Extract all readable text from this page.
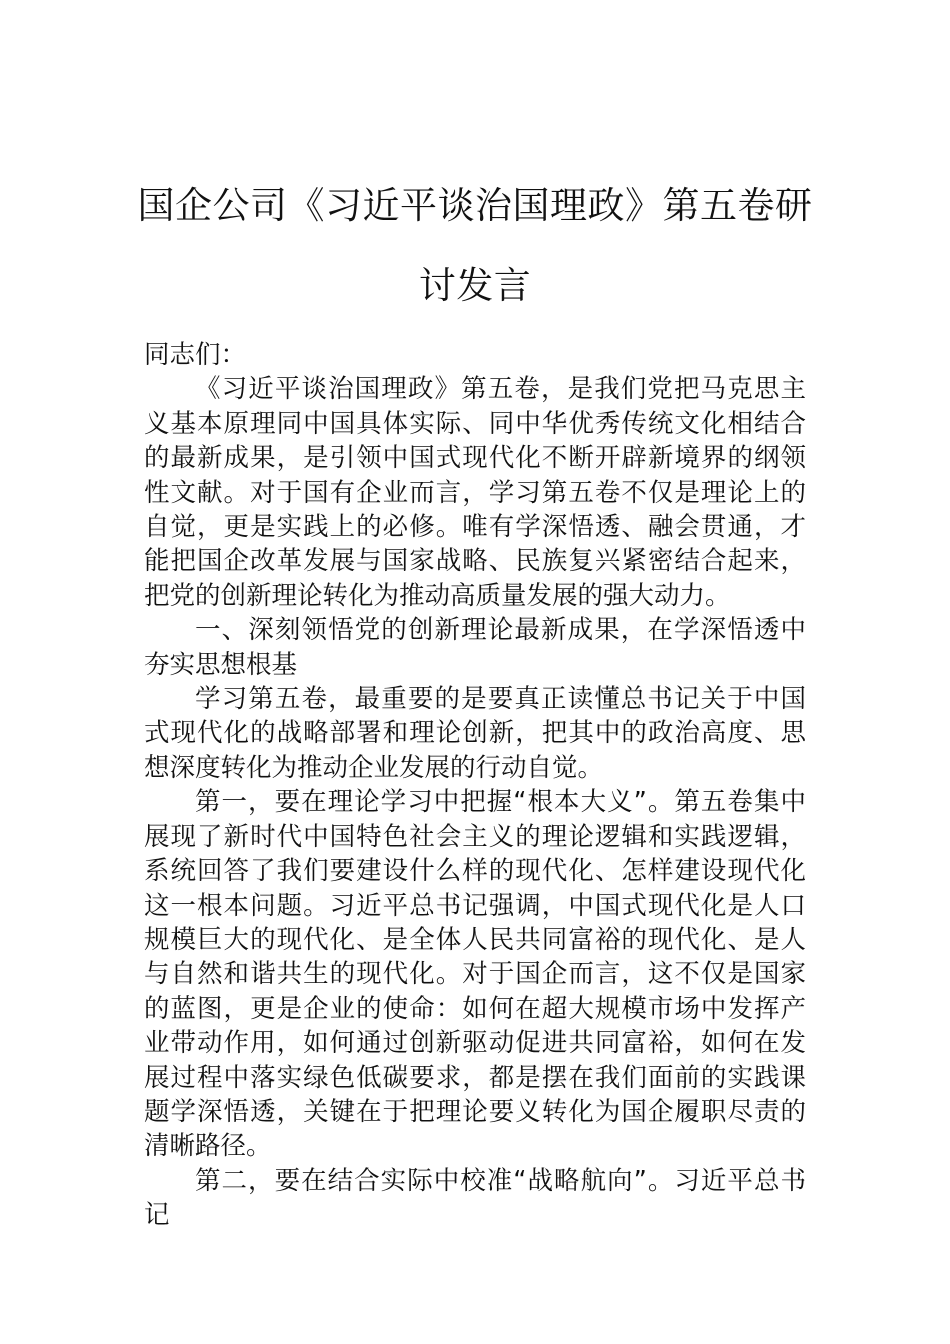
国企公司《习近平谈治国理政》第五卷研讨发言

同志们：

《习近平谈治国理政》第五卷，是我们党把马克思主义基本原理同中国具体实际、同中华优秀传统文化相结合的最新成果，是引领中国式现代化不断开辟新境界的纲领性文献。对于国有企业而言，学习第五卷不仅是理论上的自觉，更是实践上的必修。唯有学深悟透、融会贯通，才能把国企改革发展与国家战略、民族复兴紧密结合起来，把党的创新理论转化为推动高质量发展的强大动力。

一、深刻领悟党的创新理论最新成果，在学深悟透中夯实思想根基

学习第五卷，最重要的是要真正读懂总书记关于中国式现代化的战略部署和理论创新，把其中的政治高度、思想深度转化为推动企业发展的行动自觉。

第一，要在理论学习中把握“根本大义”。第五卷集中展现了新时代中国特色社会主义的理论逻辑和实践逻辑，系统回答了我们要建设什么样的现代化、怎样建设现代化这一根本问题。习近平总书记强调，中国式现代化是人口规模巨大的现代化、是全体人民共同富裕的现代化、是人与自然和谐共生的现代化。对于国企而言，这不仅是国家的蓝图，更是企业的使命：如何在超大规模市场中发挥产业带动作用，如何通过创新驱动促进共同富裕，如何在发展过程中落实绿色低碳要求，都是摆在我们面前的实践课题学深悟透，关键在于把理论要义转化为国企履职尽责的清晰路径。

第二，要在结合实际中校准“战略航向”。习近平总书记
